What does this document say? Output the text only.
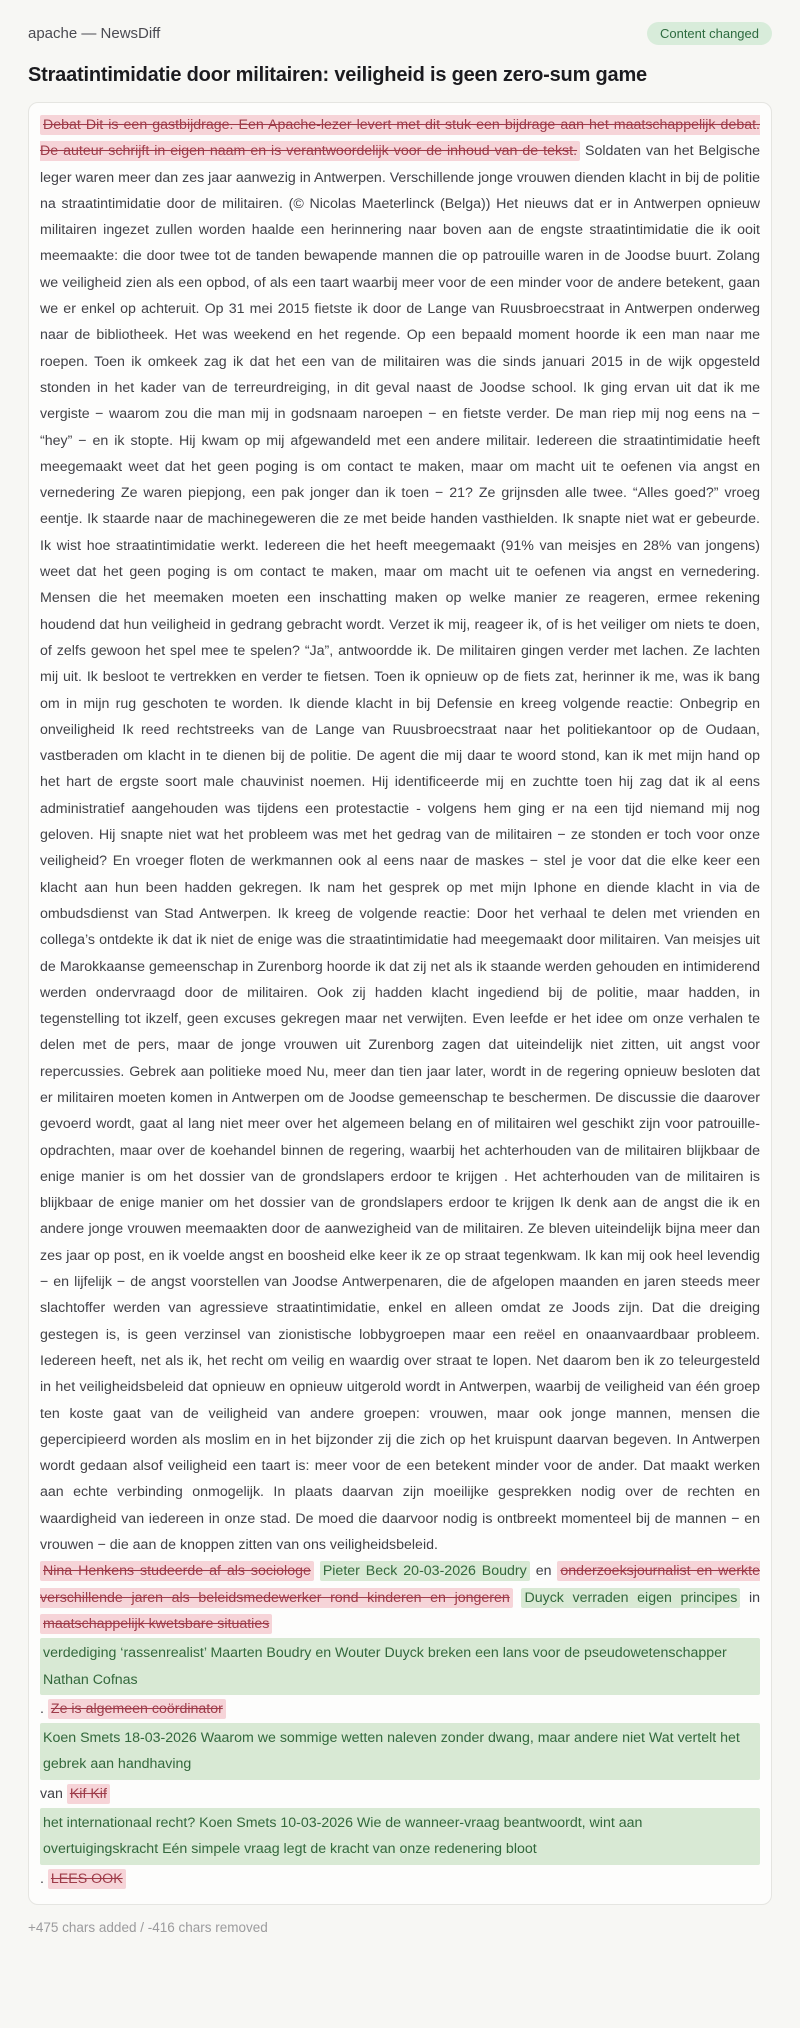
apache — NewsDiff	Content changed
Straatintimidatie door militairen: veiligheid is geen zero-sum game
Debat Dit is een gastbijdrage. Een Apache-lezer levert met dit stuk een bijdrage aan het maatschappelijk debat. De auteur schrijft in eigen naam en is verantwoordelijk voor de inhoud van de tekst. Soldaten van het Belgische leger waren meer dan zes jaar aanwezig in Antwerpen. Verschillende jonge vrouwen dienden klacht in bij de politie na straatintimidatie door de militairen. (© Nicolas Maeterlinck (Belga)) Het nieuws dat er in Antwerpen opnieuw militairen ingezet zullen worden haalde een herinnering naar boven aan de engste straatintimidatie die ik ooit meemaakte: die door twee tot de tanden bewapende mannen die op patrouille waren in de Joodse buurt. Zolang we veiligheid zien als een opbod, of als een taart waarbij meer voor de een minder voor de andere betekent, gaan we er enkel op achteruit. Op 31 mei 2015 fietste ik door de Lange van Ruusbroecstraat in Antwerpen onderweg naar de bibliotheek. Het was weekend en het regende. Op een bepaald moment hoorde ik een man naar me roepen. Toen ik omkeek zag ik dat het een van de militairen was die sinds januari 2015 in de wijk opgesteld stonden in het kader van de terreurdreiging, in dit geval naast de Joodse school. Ik ging ervan uit dat ik me vergiste − waarom zou die man mij in godsnaam naroepen − en fietste verder. De man riep mij nog eens na − “hey” − en ik stopte. Hij kwam op mij afgewandeld met een andere militair. Iedereen die straatintimidatie heeft meegemaakt weet dat het geen poging is om contact te maken, maar om macht uit te oefenen via angst en vernedering Ze waren piepjong, een pak jonger dan ik toen − 21? Ze grijnsden alle twee. “Alles goed?” vroeg eentje. Ik staarde naar de machinegeweren die ze met beide handen vasthielden. Ik snapte niet wat er gebeurde. Ik wist hoe straatintimidatie werkt. Iedereen die het heeft meegemaakt (91% van meisjes en 28% van jongens) weet dat het geen poging is om contact te maken, maar om macht uit te oefenen via angst en vernedering. Mensen die het meemaken moeten een inschatting maken op welke manier ze reageren, ermee rekening houdend dat hun veiligheid in gedrang gebracht wordt. Verzet ik mij, reageer ik, of is het veiliger om niets te doen, of zelfs gewoon het spel mee te spelen? “Ja”, antwoordde ik. De militairen gingen verder met lachen. Ze lachten mij uit. Ik besloot te vertrekken en verder te fietsen. Toen ik opnieuw op de fiets zat, herinner ik me, was ik bang om in mijn rug geschoten te worden. Ik diende klacht in bij Defensie en kreeg volgende reactie: Onbegrip en onveiligheid Ik reed rechtstreeks van de Lange van Ruusbroecstraat naar het politiekantoor op de Oudaan, vastberaden om klacht in te dienen bij de politie. De agent die mij daar te woord stond, kan ik met mijn hand op het hart de ergste soort male chauvinist noemen. Hij identificeerde mij en zuchtte toen hij zag dat ik al eens administratief aangehouden was tijdens een protestactie - volgens hem ging er na een tijd niemand mij nog geloven. Hij snapte niet wat het probleem was met het gedrag van de militairen − ze stonden er toch voor onze veiligheid? En vroeger floten de werkmannen ook al eens naar de maskes − stel je voor dat die elke keer een klacht aan hun been hadden gekregen. Ik nam het gesprek op met mijn Iphone en diende klacht in via de ombudsdienst van Stad Antwerpen. Ik kreeg de volgende reactie: Door het verhaal te delen met vrienden en collega’s ontdekte ik dat ik niet de enige was die straatintimidatie had meegemaakt door militairen. Van meisjes uit de Marokkaanse gemeenschap in Zurenborg hoorde ik dat zij net als ik staande werden gehouden en intimiderend werden ondervraagd door de militairen. Ook zij hadden klacht ingediend bij de politie, maar hadden, in tegenstelling tot ikzelf, geen excuses gekregen maar net verwijten. Even leefde er het idee om onze verhalen te delen met de pers, maar de jonge vrouwen uit Zurenborg zagen dat uiteindelijk niet zitten, uit angst voor repercussies. Gebrek aan politieke moed Nu, meer dan tien jaar later, wordt in de regering opnieuw besloten dat er militairen moeten komen in Antwerpen om de Joodse gemeenschap te beschermen. De discussie die daarover gevoerd wordt, gaat al lang niet meer over het algemeen belang en of militairen wel geschikt zijn voor patrouille-opdrachten, maar over de koehandel binnen de regering, waarbij het achterhouden van de militairen blijkbaar de enige manier is om het dossier van de grondslapers erdoor te krijgen . Het achterhouden van de militairen is blijkbaar de enige manier om het dossier van de grondslapers erdoor te krijgen Ik denk aan de angst die ik en andere jonge vrouwen meemaakten door de aanwezigheid van de militairen. Ze bleven uiteindelijk bijna meer dan zes jaar op post, en ik voelde angst en boosheid elke keer ik ze op straat tegenkwam. Ik kan mij ook heel levendig − en lijfelijk − de angst voorstellen van Joodse Antwerpenaren, die de afgelopen maanden en jaren steeds meer slachtoffer werden van agressieve straatintimidatie, enkel en alleen omdat ze Joods zijn. Dat die dreiging gestegen is, is geen verzinsel van zionistische lobbygroepen maar een reëel en onaanvaardbaar probleem. Iedereen heeft, net als ik, het recht om veilig en waardig over straat te lopen. Net daarom ben ik zo teleurgesteld in het veiligheidsbeleid dat opnieuw en opnieuw uitgerold wordt in Antwerpen, waarbij de veiligheid van één groep ten koste gaat van de veiligheid van andere groepen: vrouwen, maar ook jonge mannen, mensen die gepercipieerd worden als moslim en in het bijzonder zij die zich op het kruispunt daarvan begeven. In Antwerpen wordt gedaan alsof veiligheid een taart is: meer voor de een betekent minder voor de ander. Dat maakt werken aan echte verbinding onmogelijk. In plaats daarvan zijn moeilijke gesprekken nodig over de rechten en waardigheid van iedereen in onze stad. De moed die daarvoor nodig is ontbreekt momenteel bij de mannen − en vrouwen − die aan de knoppen zitten van ons veiligheidsbeleid.
Nina Henkens studeerde af als sociologe Pieter Beck 20-03-2026 Boudry en onderzoeksjournalist en werkte verschillende jaren als beleidsmedewerker rond kinderen en jongeren Duyck verraden eigen principes in maatschappelijk kwetsbare situaties
verdediging ‘rassenrealist’ Maarten Boudry en Wouter Duyck breken een lans voor de pseudowetenschapper Nathan Cofnas
. Ze is algemeen coördinator
Koen Smets 18-03-2026 Waarom we sommige wetten naleven zonder dwang, maar andere niet Wat vertelt het gebrek aan handhaving
van Kif Kif
het internationaal recht? Koen Smets 10-03-2026 Wie de wanneer-vraag beantwoordt, wint aan overtuigingskracht Eén simpele vraag legt de kracht van onze redenering bloot
. LEES OOK

+475 chars added / -416 chars removed
